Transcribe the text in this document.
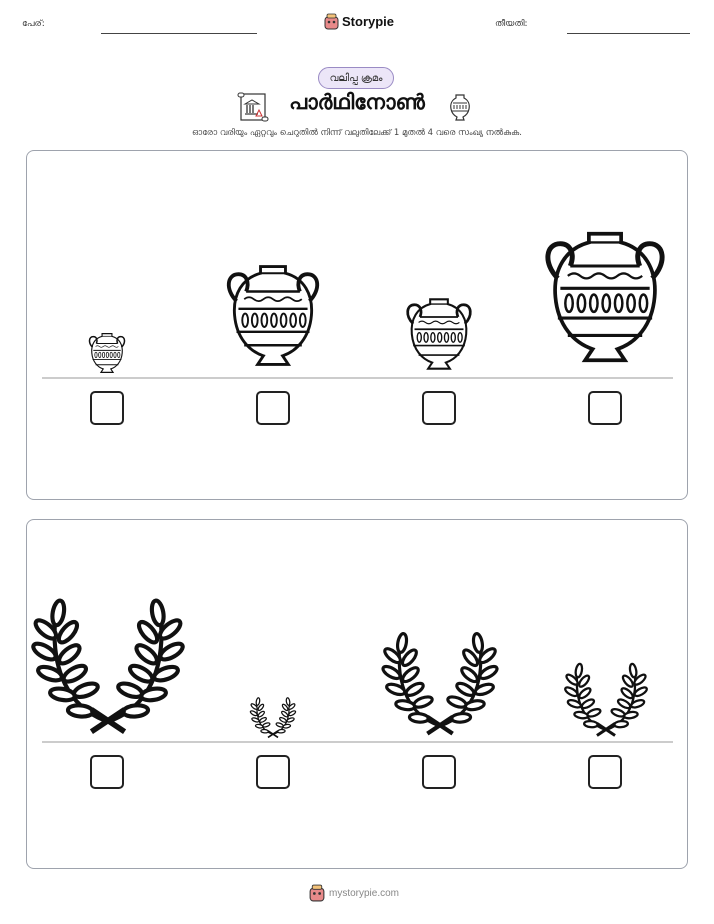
പേര്:	Storypie	തീയതി:
വലിപ്പ ക്രമം
പാർഥിനോൺ
ഓരോ വരിയും ഏറ്റവും ചെറുതിൽ നിന്ന് വലുതിലേക്ക് 1 മുതൽ 4 വരെ സംഖ്യ നൽകുക.
mystorypie.com
